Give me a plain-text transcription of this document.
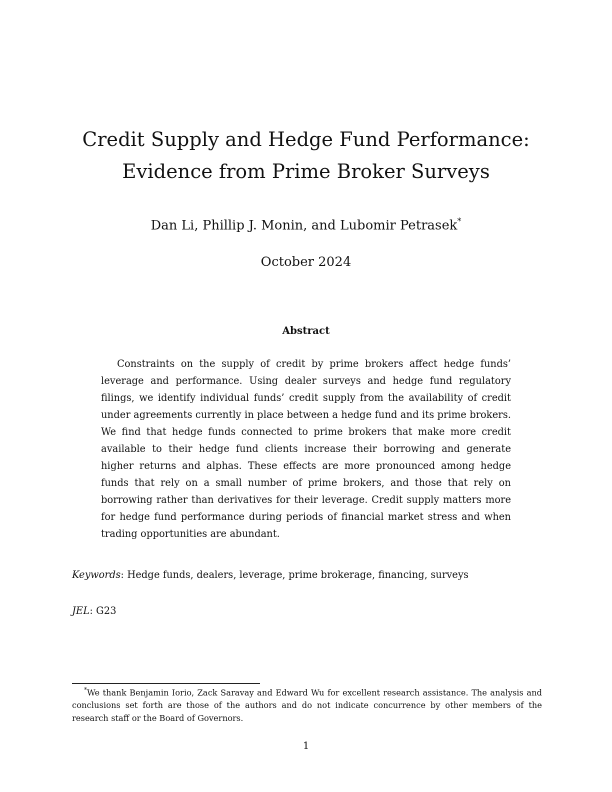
Credit Supply and Hedge Fund Performance: Evidence from Prime Broker Surveys
Dan Li, Phillip J. Monin, and Lubomir Petrasek*
October 2024
Abstract

Constraints on the supply of credit by prime brokers affect hedge funds’ leverage and performance. Using dealer surveys and hedge fund regulatory filings, we identify individual funds’ credit supply from the availability of credit under agreements currently in place between a hedge fund and its prime brokers. We find that hedge funds connected to prime brokers that make more credit available to their hedge fund clients increase their borrowing and generate higher returns and alphas. These effects are more pronounced among hedge funds that rely on a small number of prime brokers, and those that rely on borrowing rather than derivatives for their leverage. Credit supply matters more for hedge fund performance during periods of financial market stress and when trading opportunities are abundant.

Keywords: Hedge funds, dealers, leverage, prime brokerage, financing, surveys
JEL: G23

*We thank Benjamin Iorio, Zack Saravay and Edward Wu for excellent research assistance. The analysis and conclusions set forth are those of the authors and do not indicate concurrence by other members of the research staff or the Board of Governors.

1
